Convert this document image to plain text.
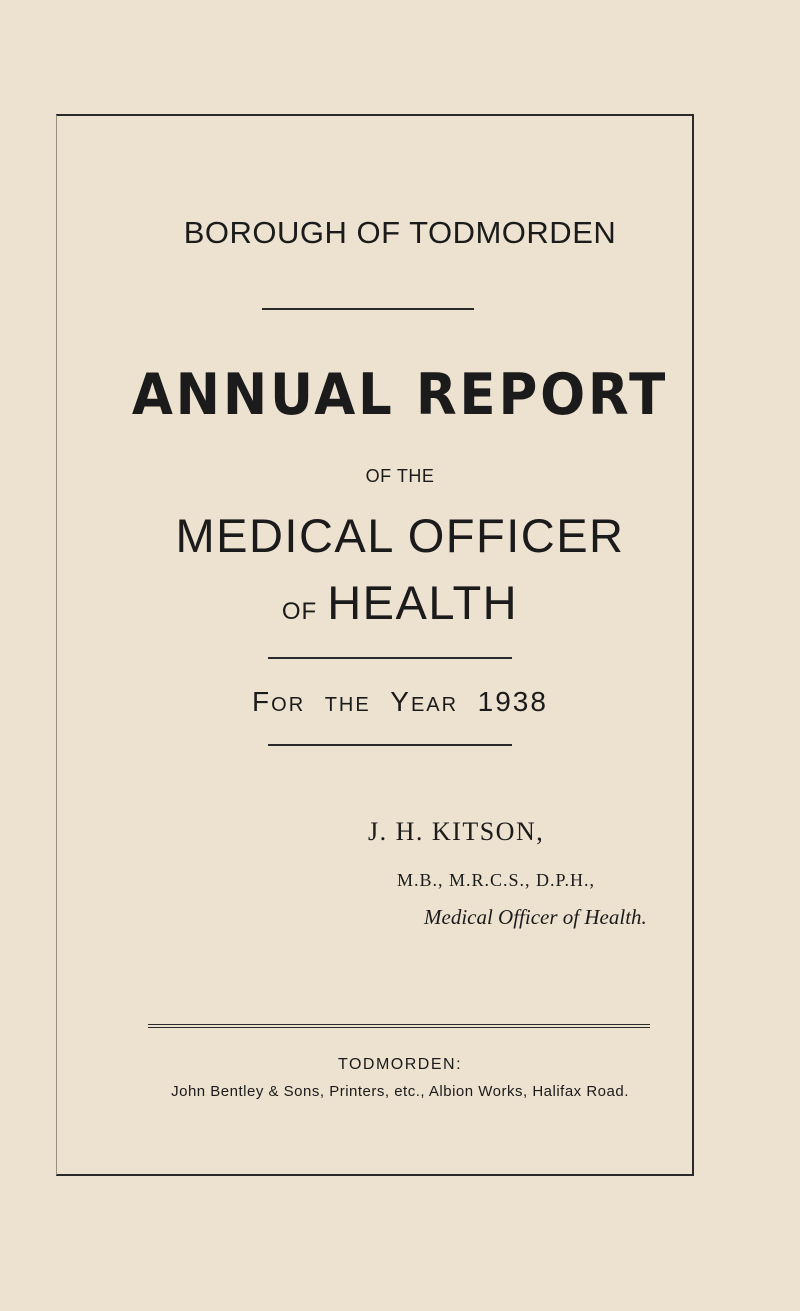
BOROUGH OF TODMORDEN
ANNUAL REPORT
OF THE
MEDICAL OFFICER
OF HEALTH
FOR THE YEAR 1938
J. H. KITSON,
M.B., M.R.C.S., D.P.H.,
Medical Officer of Health.
TODMORDEN:
John Bentley & Sons, Printers, etc., Albion Works, Halifax Road.
